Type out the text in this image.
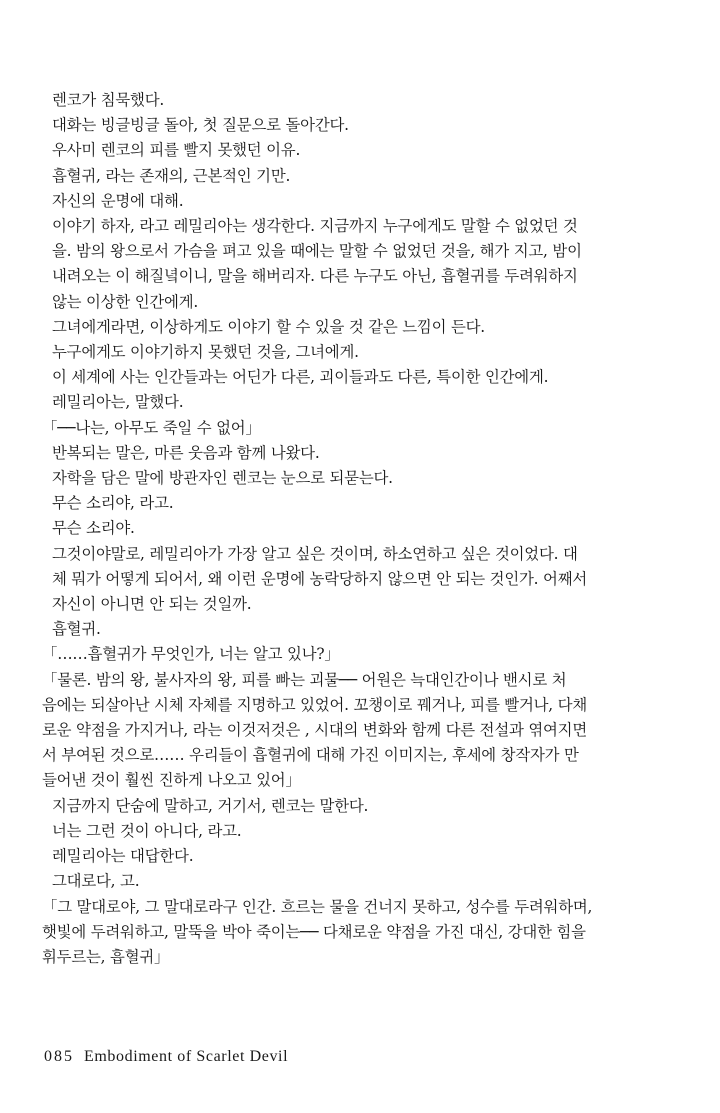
렌코가 침묵했다.
대화는 빙글빙글 돌아, 첫 질문으로 돌아간다.
우사미 렌코의 피를 빨지 못했던 이유.
흡혈귀, 라는 존재의, 근본적인 기만.
자신의 운명에 대해.
이야기 하자, 라고 레밀리아는 생각한다. 지금까지 누구에게도 말할 수 없었던 것
을. 밤의 왕으로서 가슴을 펴고 있을 때에는 말할 수 없었던 것을, 해가 지고, 밤이
내려오는 이 해질녘이니, 말을 해버리자. 다른 누구도 아닌, 흡혈귀를 두려워하지
않는 이상한 인간에게.
그녀에게라면, 이상하게도 이야기 할 수 있을 것 같은 느낌이 든다.
누구에게도 이야기하지 못했던 것을, 그녀에게.
이 세계에 사는 인간들과는 어딘가 다른, 괴이들과도 다른, 특이한 인간에게.
레밀리아는, 말했다.
「──나는, 아무도 죽일 수 없어」
반복되는 말은, 마른 웃음과 함께 나왔다.
자학을 담은 말에 방관자인 렌코는 눈으로 되묻는다.
무슨 소리야, 라고.
무슨 소리야.
그것이야말로, 레밀리아가 가장 알고 싶은 것이며, 하소연하고 싶은 것이었다. 대
체 뭐가 어떻게 되어서, 왜 이런 운명에 농락당하지 않으면 안 되는 것인가. 어째서
자신이 아니면 안 되는 것일까.
흡혈귀.
「……흡혈귀가 무엇인가, 너는 알고 있나?」
「물론. 밤의 왕, 불사자의 왕, 피를 빠는 괴물── 어원은 늑대인간이나 밴시로 처
음에는 되살아난 시체 자체를 지명하고 있었어. 꼬챙이로 꿰거나, 피를 빨거나, 다채
로운 약점을 가지거나, 라는 이것저것은 , 시대의 변화와 함께 다른 전설과 엮여지면
서 부여된 것으로…… 우리들이 흡혈귀에 대해 가진 이미지는, 후세에 창작자가 만
들어낸 것이 훨씬 진하게 나오고 있어」
지금까지 단숨에 말하고, 거기서, 렌코는 말한다.
너는 그런 것이 아니다, 라고.
레밀리아는 대답한다.
그대로다, 고.
「그 말대로야, 그 말대로라구 인간. 흐르는 물을 건너지 못하고, 성수를 두려워하며,
햇빛에 두려워하고, 말뚝을 박아 죽이는── 다채로운 약점을 가진 대신, 강대한 힘을
휘두르는, 흡혈귀」
085 Embodiment of Scarlet Devil
